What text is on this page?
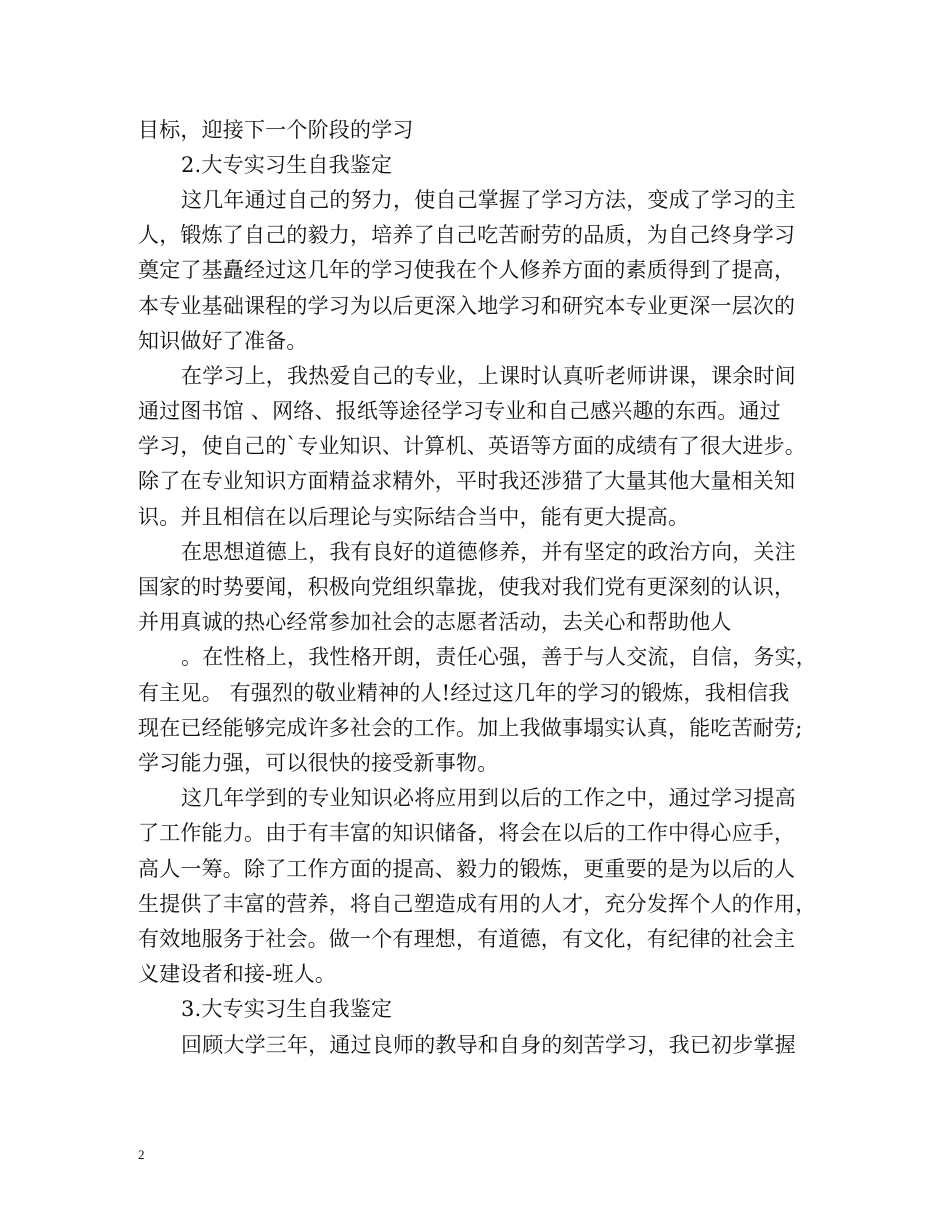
目标，迎接下一个阶段的学习
2.大专实习生自我鉴定
这几年通过自己的努力，使自己掌握了学习方法，变成了学习的主
人，锻炼了自己的毅力，培养了自己吃苦耐劳的品质，为自己终身学习
奠定了基矗经过这几年的学习使我在个人修养方面的素质得到了提高，
本专业基础课程的学习为以后更深入地学习和研究本专业更深一层次的
知识做好了准备。
在学习上，我热爱自己的专业，上课时认真听老师讲课，课余时间
通过图书馆 、网络、报纸等途径学习专业和自己感兴趣的东西。通过
学习，使自己的`专业知识、计算机、英语等方面的成绩有了很大进步。
除了在专业知识方面精益求精外，平时我还涉猎了大量其他大量相关知
识。并且相信在以后理论与实际结合当中，能有更大提高。
在思想道德上，我有良好的道德修养，并有坚定的政治方向，关注
国家的时势要闻，积极向党组织靠拢，使我对我们党有更深刻的认识，
并用真诚的热心经常参加社会的志愿者活动，去关心和帮助他人
。在性格上，我性格开朗，责任心强，善于与人交流，自信，务实，
有主见。 有强烈的敬业精神的人!经过这几年的学习的锻炼，我相信我
现在已经能够完成许多社会的工作。加上我做事塌实认真，能吃苦耐劳;
学习能力强，可以很快的接受新事物。
这几年学到的专业知识必将应用到以后的工作之中，通过学习提高
了工作能力。由于有丰富的知识储备，将会在以后的工作中得心应手，
高人一筹。除了工作方面的提高、毅力的锻炼，更重要的是为以后的人
生提供了丰富的营养，将自己塑造成有用的人才，充分发挥个人的作用，
有效地服务于社会。做一个有理想，有道德，有文化，有纪律的社会主
义建设者和接-班人。
3.大专实习生自我鉴定
回顾大学三年，通过良师的教导和自身的刻苦学习，我已初步掌握
2
